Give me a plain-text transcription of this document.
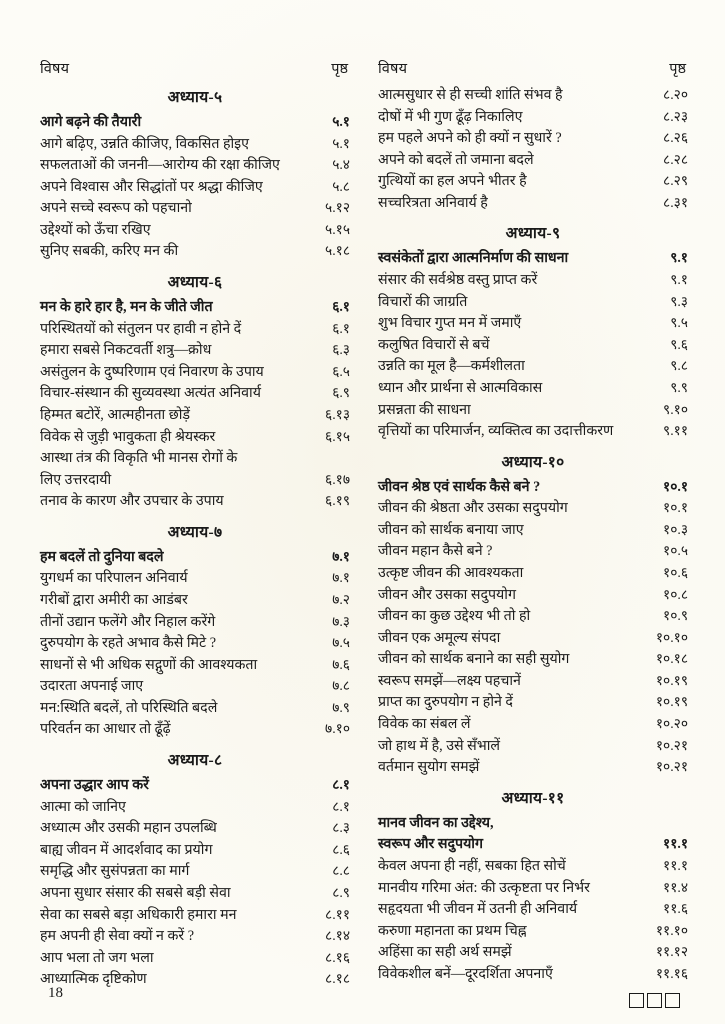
विषय	पृष्ठ
अध्याय-५
आगे बढ़ने की तैयारी	५.१
आगे बढ़िए, उन्नति कीजिए, विकसित होइए	५.१
सफलताओं की जननी—आरोग्य की रक्षा कीजिए	५.४
अपने विश्वास और सिद्धांतों पर श्रद्धा कीजिए	५.८
अपने सच्चे स्वरूप को पहचानो	५.१२
उद्देश्यों को ऊँचा रखिए	५.१५
सुनिए सबकी, करिए मन की	५.१८
अध्याय-६
मन के हारे हार है, मन के जीते जीत	६.१
परिस्थितयों को संतुलन पर हावी न होने दें	६.१
हमारा सबसे निकटवर्ती शत्रु—क्रोध	६.३
असंतुलन के दुष्परिणाम एवं निवारण के उपाय	६.५
विचार-संस्थान की सुव्यवस्था अत्यंत अनिवार्य	६.९
हिम्मत बटोरें, आत्महीनता छोड़ें	६.१३
विवेक से जुड़ी भावुकता ही श्रेयस्कर	६.१५
आस्था तंत्र की विकृति भी मानस रोगों के
लिए उत्तरदायी	६.१७
तनाव के कारण और उपचार के उपाय	६.१९
अध्याय-७
हम बदलें तो दुनिया बदले	७.१
युगधर्म का परिपालन अनिवार्य	७.१
गरीबों द्वारा अमीरी का आडंबर	७.२
तीनों उद्यान फलेंगे और निहाल करेंगे	७.३
दुरुपयोग के रहते अभाव कैसे मिटे ?	७.५
साधनों से भी अधिक सद्गुणों की आवश्यकता	७.६
उदारता अपनाई जाए	७.८
मन:स्थिति बदलें, तो परिस्थिति बदले	७.९
परिवर्तन का आधार तो ढूँढ़ें	७.१०
अध्याय-८
अपना उद्धार आप करें	८.१
आत्मा को जानिए	८.१
अध्यात्म और उसकी महान उपलब्धि	८.३
बाह्य जीवन में आदर्शवाद का प्रयोग	८.६
समृद्धि और सुसंपन्नता का मार्ग	८.८
अपना सुधार संसार की सबसे बड़ी सेवा	८.९
सेवा का सबसे बड़ा अधिकारी हमारा मन	८.११
हम अपनी ही सेवा क्यों न करें ?	८.१४
आप भला तो जग भला	८.१६
आध्यात्मिक दृष्टिकोण	८.१८
विषय	पृष्ठ
आत्मसुधार से ही सच्ची शांति संभव है	८.२०
दोषों में भी गुण ढूँढ़ निकालिए	८.२३
हम पहले अपने को ही क्यों न सुधारें ?	८.२६
अपने को बदलें तो जमाना बदले	८.२८
गुत्थियों का हल अपने भीतर है	८.२९
सच्चरित्रता अनिवार्य है	८.३१
अध्याय-९
स्वसंकेतों द्वारा आत्मनिर्माण की साधना	९.१
संसार की सर्वश्रेष्ठ वस्तु प्राप्त करें	९.१
विचारों की जाग्रति	९.३
शुभ विचार गुप्त मन में जमाएँ	९.५
कलुषित विचारों से बचें	९.६
उन्नति का मूल है—कर्मशीलता	९.८
ध्यान और प्रार्थना से आत्मविकास	९.९
प्रसन्नता की साधना	९.१०
वृत्तियों का परिमार्जन, व्यक्तित्व का उदात्तीकरण	९.११
अध्याय-१०
जीवन श्रेष्ठ एवं सार्थक कैसे बने ?	१०.१
जीवन की श्रेष्ठता और उसका सदुपयोग	१०.१
जीवन को सार्थक बनाया जाए	१०.३
जीवन महान कैसे बने ?	१०.५
उत्कृष्ट जीवन की आवश्यकता	१०.६
जीवन और उसका सदुपयोग	१०.८
जीवन का कुछ उद्देश्य भी तो हो	१०.९
जीवन एक अमूल्य संपदा	१०.१०
जीवन को सार्थक बनाने का सही सुयोग	१०.१८
स्वरूप समझें—लक्ष्य पहचानें	१०.१९
प्राप्त का दुरुपयोग न होने दें	१०.१९
विवेक का संबल लें	१०.२०
जो हाथ में है, उसे सँभालें	१०.२१
वर्तमान सुयोग समझें	१०.२१
अध्याय-११
मानव जीवन का उद्देश्य,
स्वरूप और सदुपयोग	११.१
केवल अपना ही नहीं, सबका हित सोचें	११.१
मानवीय गरिमा अंत: की उत्कृष्टता पर निर्भर	११.४
सहृदयता भी जीवन में उतनी ही अनिवार्य	११.६
करुणा महानता का प्रथम चिह्न	११.१०
अहिंसा का सही अर्थ समझें	११.१२
विवेकशील बनें—दूरदर्शिता अपनाएँ	११.१६
18
